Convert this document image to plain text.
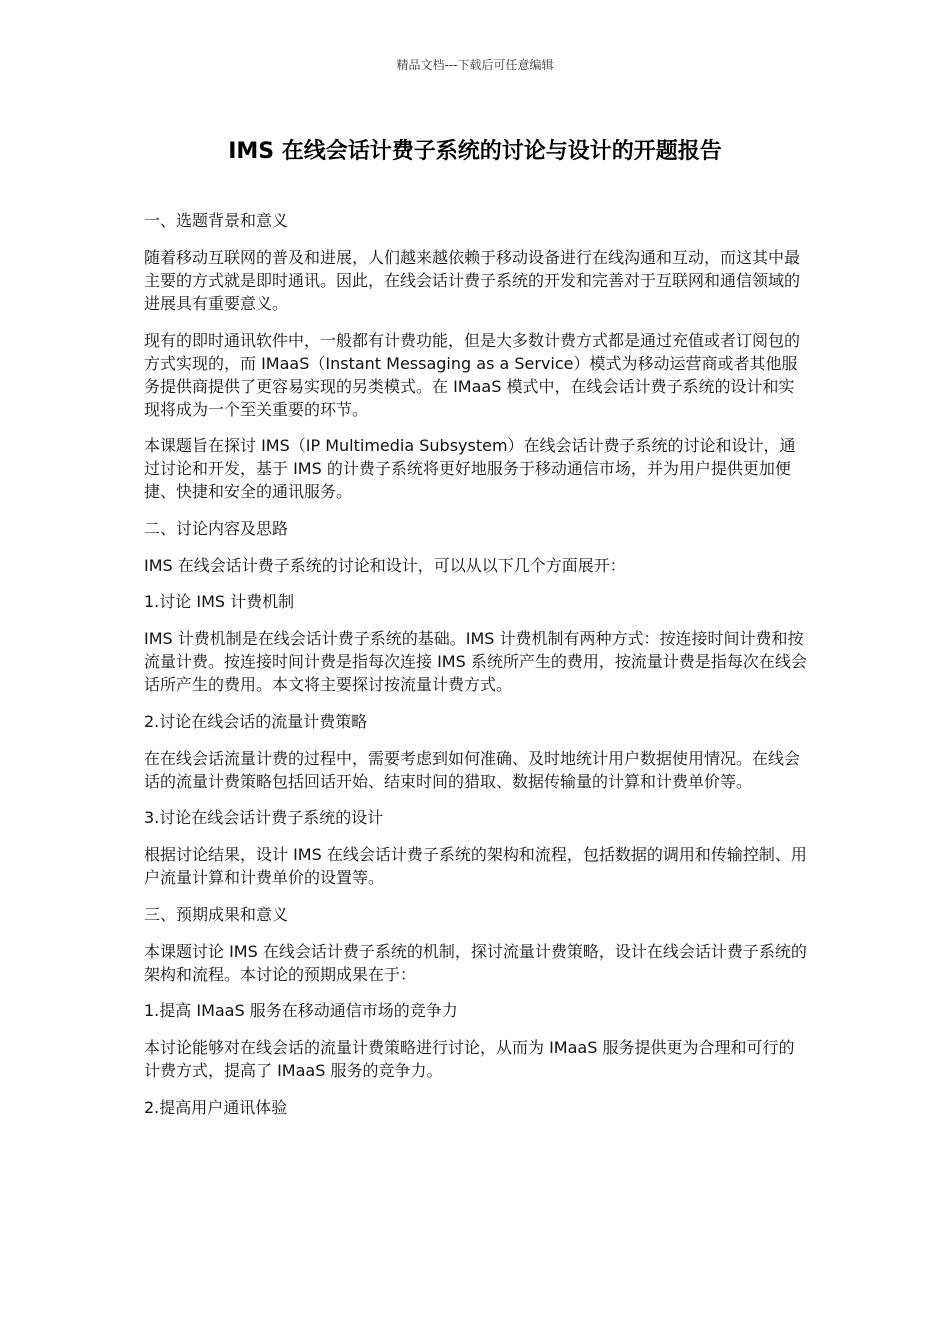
精品文档---下载后可任意编辑
IMS 在线会话计费子系统的讨论与设计的开题报告

一、选题背景和意义

随着移动互联网的普及和进展，人们越来越依赖于移动设备进行在线沟通和互动，而这其中最主要的方式就是即时通讯。因此，在线会话计费子系统的开发和完善对于互联网和通信领域的进展具有重要意义。

现有的即时通讯软件中，一般都有计费功能，但是大多数计费方式都是通过充值或者订阅包的方式实现的，而 IMaaS（Instant Messaging as a Service）模式为移动运营商或者其他服务提供商提供了更容易实现的另类模式。在 IMaaS 模式中，在线会话计费子系统的设计和实现将成为一个至关重要的环节。

本课题旨在探讨 IMS（IP Multimedia Subsystem）在线会话计费子系统的讨论和设计，通过讨论和开发，基于 IMS 的计费子系统将更好地服务于移动通信市场，并为用户提供更加便捷、快捷和安全的通讯服务。

二、讨论内容及思路

IMS 在线会话计费子系统的讨论和设计，可以从以下几个方面展开：

1.讨论 IMS 计费机制

IMS 计费机制是在线会话计费子系统的基础。IMS 计费机制有两种方式：按连接时间计费和按流量计费。按连接时间计费是指每次连接 IMS 系统所产生的费用，按流量计费是指每次在线会话所产生的费用。本文将主要探讨按流量计费方式。

2.讨论在线会话的流量计费策略

在在线会话流量计费的过程中，需要考虑到如何准确、及时地统计用户数据使用情况。在线会话的流量计费策略包括回话开始、结束时间的猎取、数据传输量的计算和计费单价等。

3.讨论在线会话计费子系统的设计

根据讨论结果，设计 IMS 在线会话计费子系统的架构和流程，包括数据的调用和传输控制、用户流量计算和计费单价的设置等。

三、预期成果和意义

本课题讨论 IMS 在线会话计费子系统的机制，探讨流量计费策略，设计在线会话计费子系统的架构和流程。本讨论的预期成果在于：

1.提高 IMaaS 服务在移动通信市场的竞争力

本讨论能够对在线会话的流量计费策略进行讨论，从而为 IMaaS 服务提供更为合理和可行的计费方式，提高了 IMaaS 服务的竞争力。

2.提高用户通讯体验
